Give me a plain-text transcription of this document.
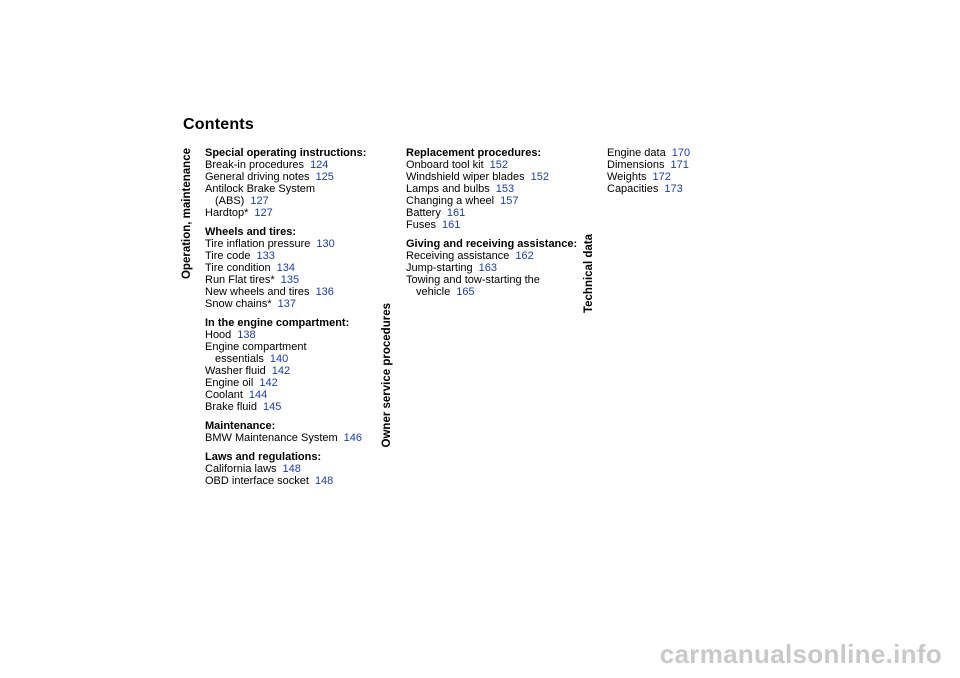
Contents
Operation, maintenance
Owner service procedures
Technical data
Special operating instructions:
Break-in procedures 124
General driving notes 125
Antilock Brake System
(ABS) 127
Hardtop* 127
Wheels and tires:
Tire inflation pressure 130
Tire code 133
Tire condition 134
Run Flat tires* 135
New wheels and tires 136
Snow chains* 137
In the engine compartment:
Hood 138
Engine compartment
essentials 140
Washer fluid 142
Engine oil 142
Coolant 144
Brake fluid 145
Maintenance:
BMW Maintenance System 146
Laws and regulations:
California laws 148
OBD interface socket 148
Replacement procedures:
Onboard tool kit 152
Windshield wiper blades 152
Lamps and bulbs 153
Changing a wheel 157
Battery 161
Fuses 161
Giving and receiving assistance:
Receiving assistance 162
Jump-starting 163
Towing and tow-starting the
vehicle 165
Engine data 170
Dimensions 171
Weights 172
Capacities 173
carmanualsonline.info
